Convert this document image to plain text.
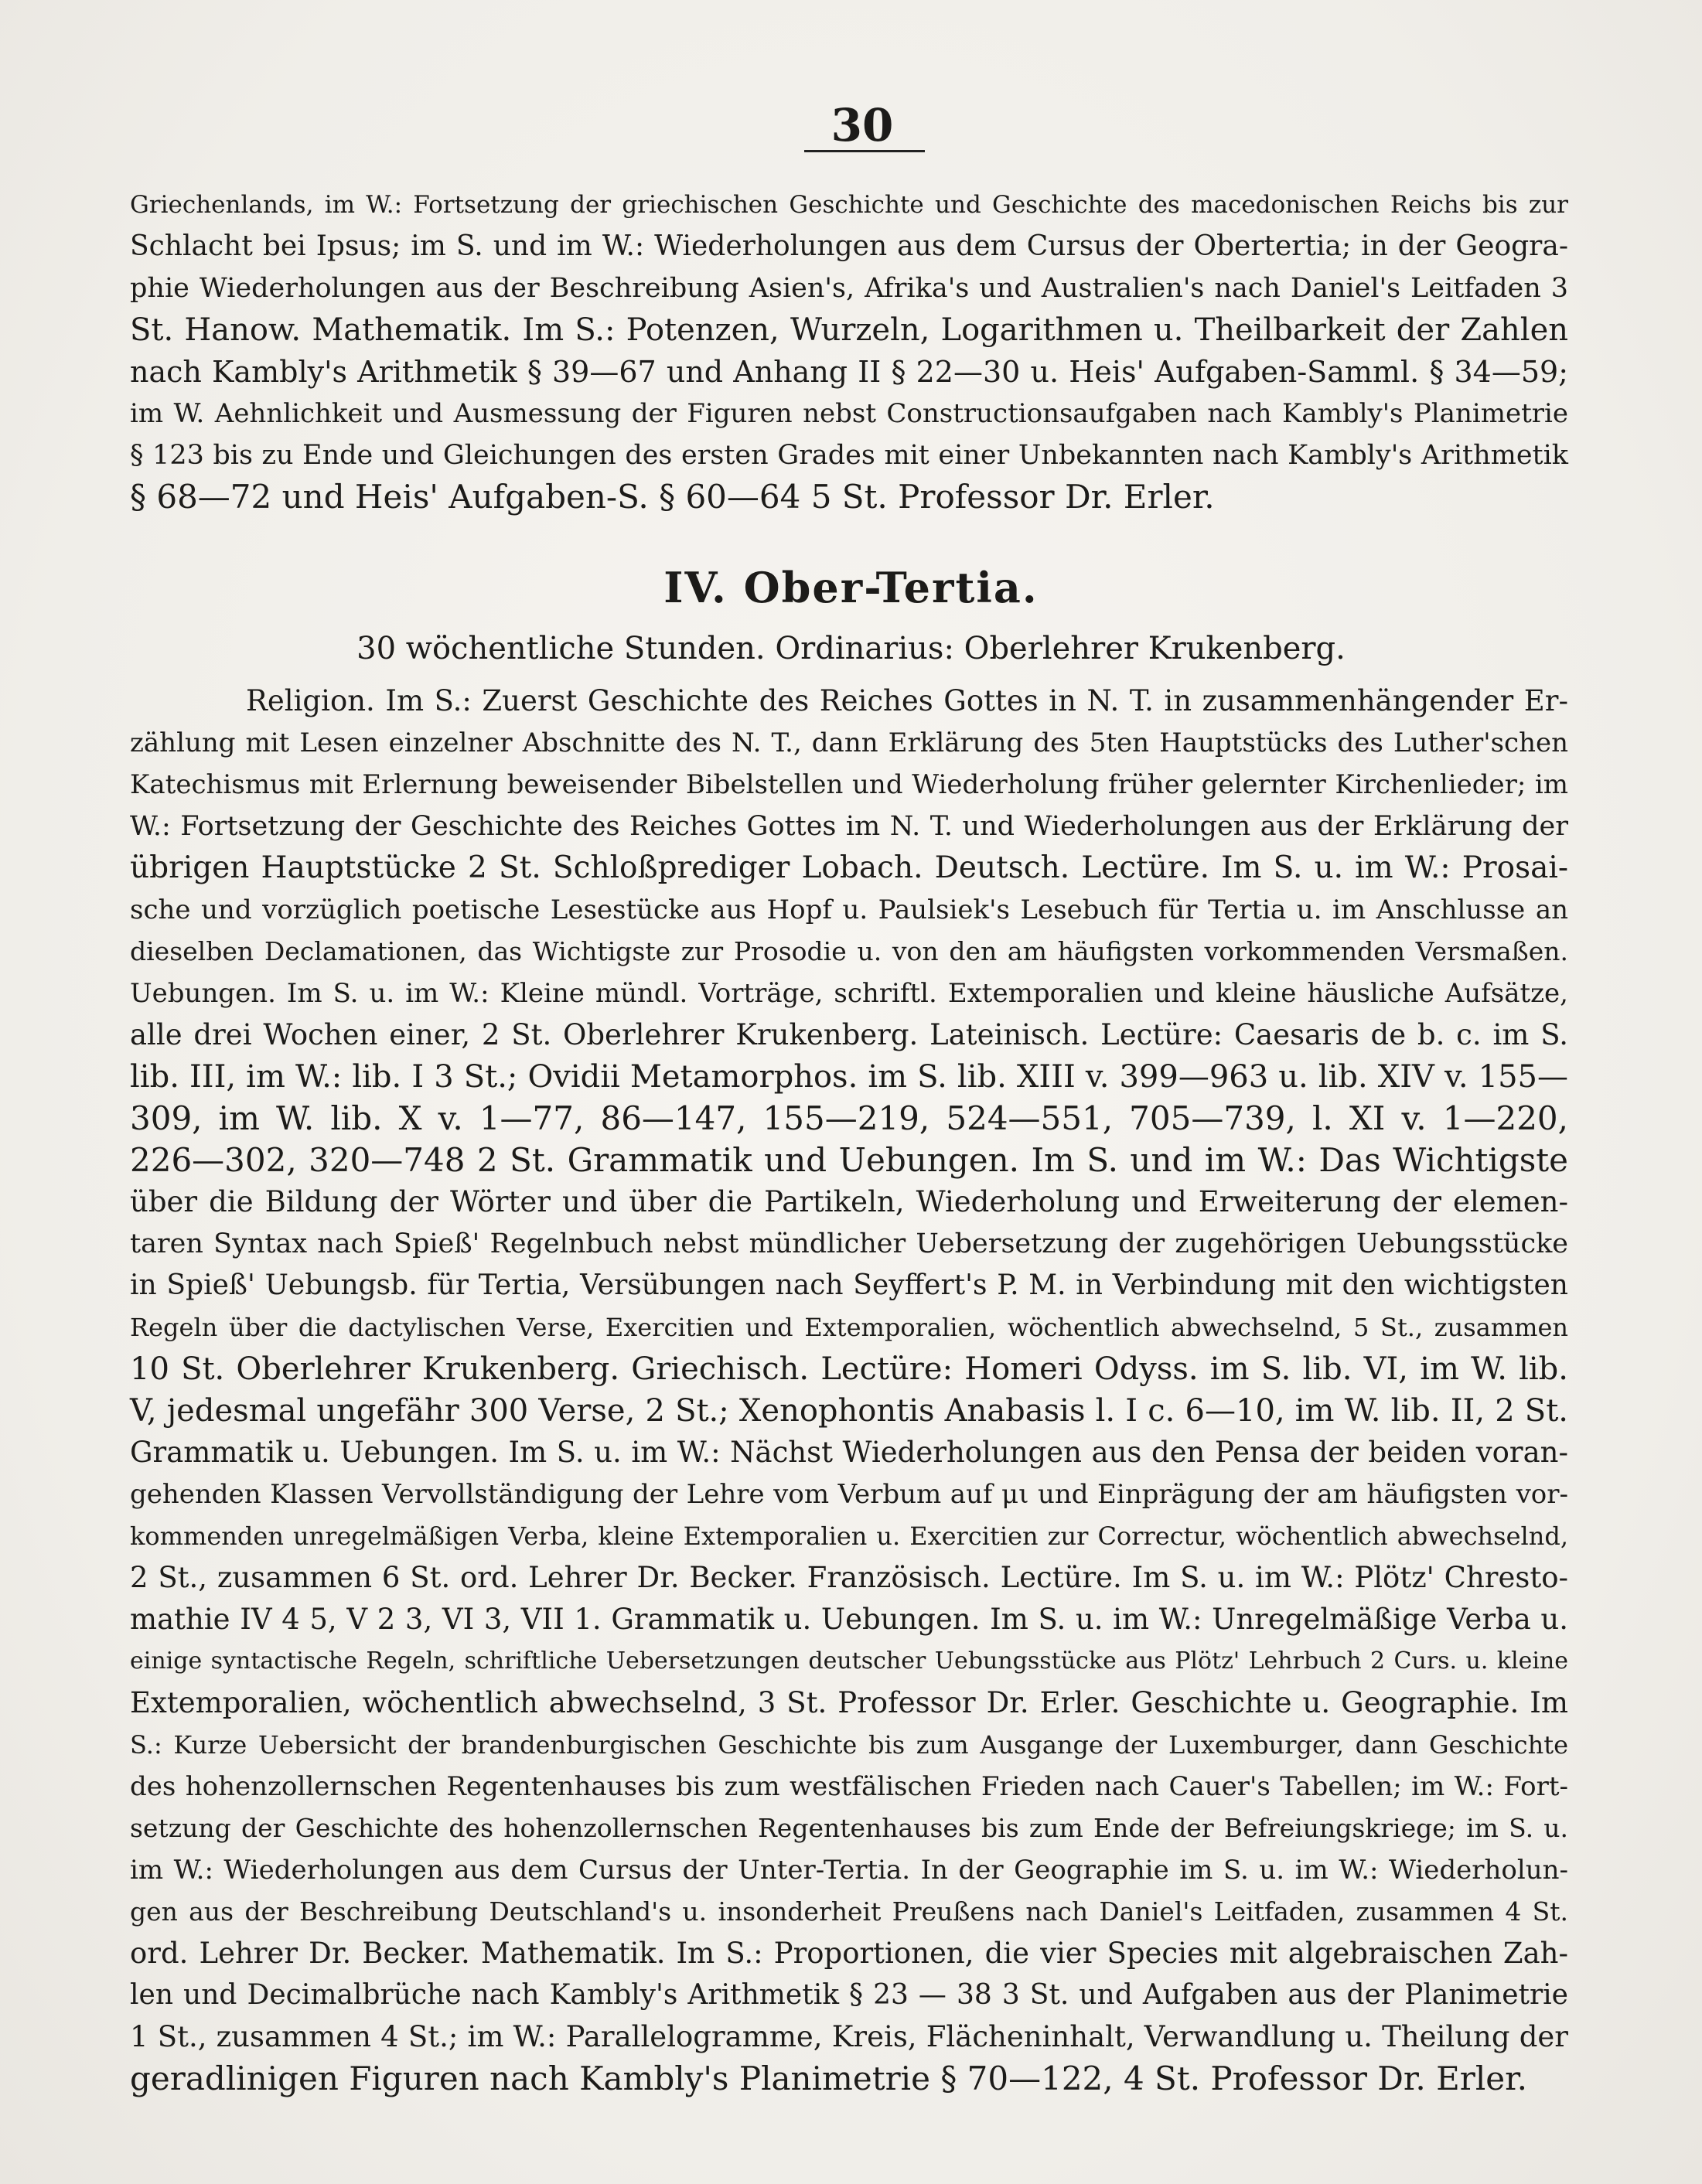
30
Griechenlands, im W.: Fortsetzung der griechischen Geschichte und Geschichte des macedonischen Reichs bis zur
Schlacht bei Ipsus; im S. und im W.: Wiederholungen aus dem Cursus der Obertertia; in der Geogra-
phie Wiederholungen aus der Beschreibung Asien's, Afrika's und Australien's nach Daniel's Leitfaden 3
St. Hanow. Mathematik. Im S.: Potenzen, Wurzeln, Logarithmen u. Theilbarkeit der Zahlen
nach Kambly's Arithmetik § 39—67 und Anhang II § 22—30 u. Heis' Aufgaben-Samml. § 34—59;
im W. Aehnlichkeit und Ausmessung der Figuren nebst Constructionsaufgaben nach Kambly's Planimetrie
§ 123 bis zu Ende und Gleichungen des ersten Grades mit einer Unbekannten nach Kambly's Arithmetik
§ 68—72 und Heis' Aufgaben-S. § 60—64 5 St. Professor Dr. Erler.
IV. Ober-Tertia.
30 wöchentliche Stunden. Ordinarius: Oberlehrer Krukenberg.
Religion. Im S.: Zuerst Geschichte des Reiches Gottes in N. T. in zusammenhängender Er-
zählung mit Lesen einzelner Abschnitte des N. T., dann Erklärung des 5ten Hauptstücks des Luther'schen
Katechismus mit Erlernung beweisender Bibelstellen und Wiederholung früher gelernter Kirchenlieder; im
W.: Fortsetzung der Geschichte des Reiches Gottes im N. T. und Wiederholungen aus der Erklärung der
übrigen Hauptstücke 2 St. Schloßprediger Lobach. Deutsch. Lectüre. Im S. u. im W.: Prosai-
sche und vorzüglich poetische Lesestücke aus Hopf u. Paulsiek's Lesebuch für Tertia u. im Anschlusse an
dieselben Declamationen, das Wichtigste zur Prosodie u. von den am häufigsten vorkommenden Versmaßen.
Uebungen. Im S. u. im W.: Kleine mündl. Vorträge, schriftl. Extemporalien und kleine häusliche Aufsätze,
alle drei Wochen einer, 2 St. Oberlehrer Krukenberg. Lateinisch. Lectüre: Caesaris de b. c. im S.
lib. III, im W.: lib. I 3 St.; Ovidii Metamorphos. im S. lib. XIII v. 399—963 u. lib. XIV v. 155—
309, im W. lib. X v. 1—77, 86—147, 155—219, 524—551, 705—739, l. XI v. 1—220,
226—302, 320—748 2 St. Grammatik und Uebungen. Im S. und im W.: Das Wichtigste
über die Bildung der Wörter und über die Partikeln, Wiederholung und Erweiterung der elemen-
taren Syntax nach Spieß' Regelnbuch nebst mündlicher Uebersetzung der zugehörigen Uebungsstücke
in Spieß' Uebungsb. für Tertia, Versübungen nach Seyffert's P. M. in Verbindung mit den wichtigsten
Regeln über die dactylischen Verse, Exercitien und Extemporalien, wöchentlich abwechselnd, 5 St., zusammen
10 St. Oberlehrer Krukenberg. Griechisch. Lectüre: Homeri Odyss. im S. lib. VI, im W. lib.
V, jedesmal ungefähr 300 Verse, 2 St.; Xenophontis Anabasis l. I c. 6—10, im W. lib. II, 2 St.
Grammatik u. Uebungen. Im S. u. im W.: Nächst Wiederholungen aus den Pensa der beiden voran-
gehenden Klassen Vervollständigung der Lehre vom Verbum auf μι und Einprägung der am häufigsten vor-
kommenden unregelmäßigen Verba, kleine Extemporalien u. Exercitien zur Correctur, wöchentlich abwechselnd,
2 St., zusammen 6 St. ord. Lehrer Dr. Becker. Französisch. Lectüre. Im S. u. im W.: Plötz' Chresto-
mathie IV 4 5, V 2 3, VI 3, VII 1. Grammatik u. Uebungen. Im S. u. im W.: Unregelmäßige Verba u.
einige syntactische Regeln, schriftliche Uebersetzungen deutscher Uebungsstücke aus Plötz' Lehrbuch 2 Curs. u. kleine
Extemporalien, wöchentlich abwechselnd, 3 St. Professor Dr. Erler. Geschichte u. Geographie. Im
S.: Kurze Uebersicht der brandenburgischen Geschichte bis zum Ausgange der Luxemburger, dann Geschichte
des hohenzollernschen Regentenhauses bis zum westfälischen Frieden nach Cauer's Tabellen; im W.: Fort-
setzung der Geschichte des hohenzollernschen Regentenhauses bis zum Ende der Befreiungskriege; im S. u.
im W.: Wiederholungen aus dem Cursus der Unter-Tertia. In der Geographie im S. u. im W.: Wiederholun-
gen aus der Beschreibung Deutschland's u. insonderheit Preußens nach Daniel's Leitfaden, zusammen 4 St.
ord. Lehrer Dr. Becker. Mathematik. Im S.: Proportionen, die vier Species mit algebraischen Zah-
len und Decimalbrüche nach Kambly's Arithmetik § 23 — 38 3 St. und Aufgaben aus der Planimetrie
1 St., zusammen 4 St.; im W.: Parallelogramme, Kreis, Flächeninhalt, Verwandlung u. Theilung der
geradlinigen Figuren nach Kambly's Planimetrie § 70—122, 4 St. Professor Dr. Erler.
